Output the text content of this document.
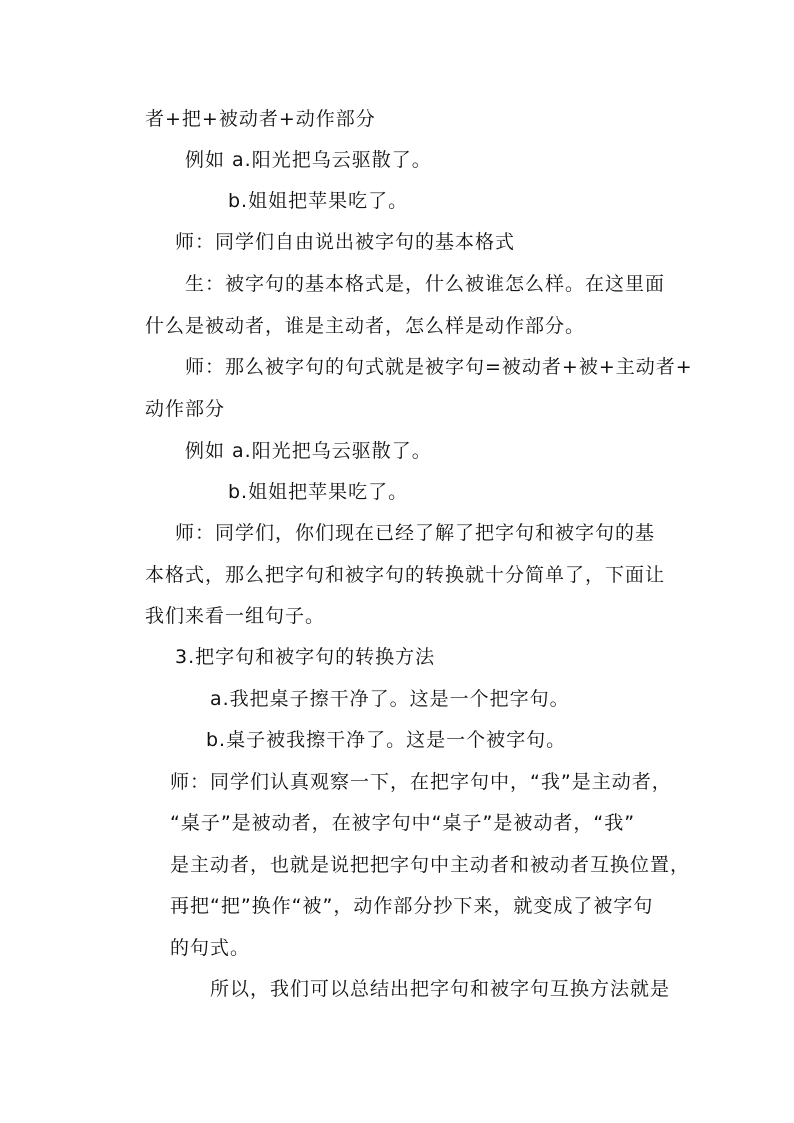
者+把+被动者+动作部分
例如 a.阳光把乌云驱散了。
b.姐姐把苹果吃了。
师：同学们自由说出被字句的基本格式
生：被字句的基本格式是，什么被谁怎么样。在这里面
什么是被动者，谁是主动者，怎么样是动作部分。
师：那么被字句的句式就是被字句=被动者+被+主动者+
动作部分
例如 a.阳光把乌云驱散了。
b.姐姐把苹果吃了。
师：同学们，你们现在已经了解了把字句和被字句的基
本格式，那么把字句和被字句的转换就十分简单了，下面让
我们来看一组句子。
3.把字句和被字句的转换方法
a.我把桌子擦干净了。这是一个把字句。
b.桌子被我擦干净了。这是一个被字句。
师：同学们认真观察一下，在把字句中，“我”是主动者，
“桌子”是被动者，在被字句中“桌子”是被动者，“我”
是主动者，也就是说把把字句中主动者和被动者互换位置，
再把“把”换作“被”，动作部分抄下来，就变成了被字句
的句式。
所以，我们可以总结出把字句和被字句互换方法就是
